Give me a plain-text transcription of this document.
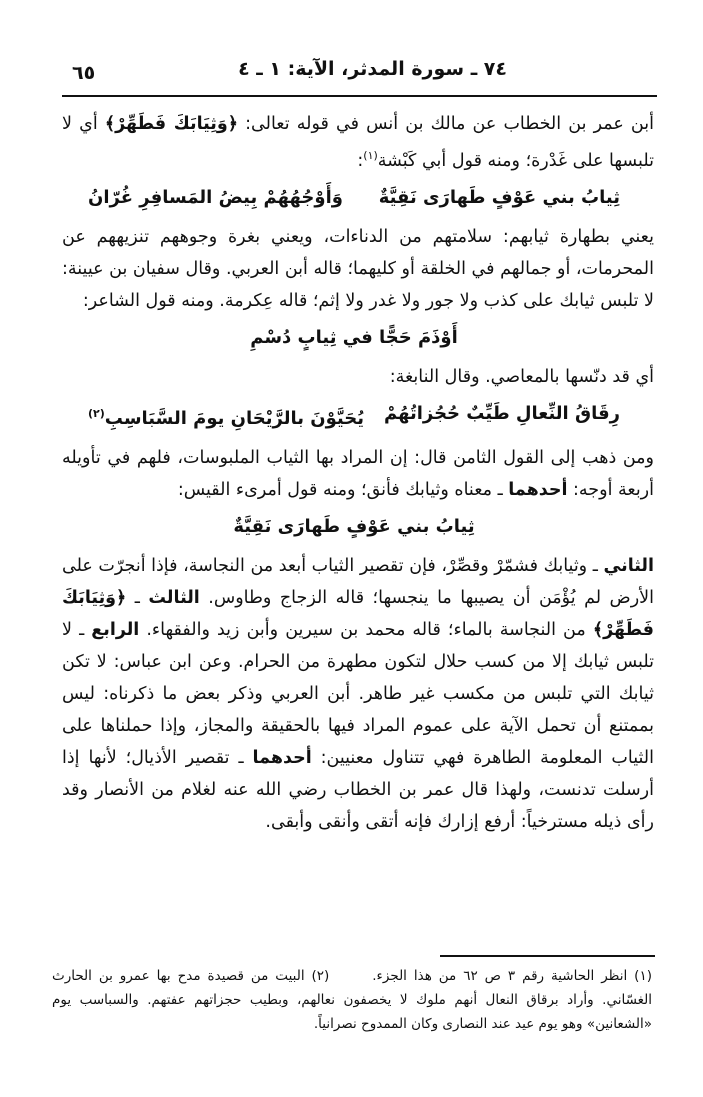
٦٥	٧٤ ـ سورة المدثر، الآية: ١ ـ ٤

أبن عمر بن الخطاب عن مالك بن أنس في قوله تعالى: ﴿وَثِيَابَكَ فَطَهِّرْ﴾ أي لا تلبسها على غَدْرة؛ ومنه قول أبي كَبْشة$^{(١)}$:

ثِيابُ بني عَوْفٍ طَهارَى نَقِيَّةٌ
وَأَوْجُهُهُمْ بِيضُ المَسافِرِ غُرّانُ

يعني بطهارة ثيابهم: سلامتهم من الدناءات، ويعني بغرة وجوههم تنزيههم عن المحرمات، أو جمالهم في الخلقة أو كليهما؛ قاله أبن العربي. وقال سفيان بن عيينة: لا تلبس ثيابك على كذب ولا جور ولا غدر ولا إثم؛ قاله عِكرمة. ومنه قول الشاعر:

أَوْذَمَ حَجًّا في ثِيابٍ دُسْمِ

أي قد دنّسها بالمعاصي. وقال النابغة:

رِقَاقُ النِّعالِ طَيِّبٌ حُجُزاتُهُمْ
يُحَيَّوْنَ بالرَّيْحَانِ يومَ السَّبَاسِبِ$^{(٢)}$

ومن ذهب إلى القول الثامن قال: إن المراد بها الثياب الملبوسات، فلهم في تأويله أربعة أوجه: أحدهما ـ معناه وثيابك فأنق؛ ومنه قول أمرىء القيس:

ثِيابُ بني عَوْفٍ طَهارَى نَقِيَّةٌ

الثاني ـ وثيابك فشمّرْ وقصِّرْ، فإن تقصير الثياب أبعد من النجاسة، فإذا أنجرّت على الأرض لم يُؤْمَن أن يصيبها ما ينجسها؛ قاله الزجاج وطاوس. الثالث ـ ﴿وَثِيَابَكَ فَطَهِّرْ﴾ من النجاسة بالماء؛ قاله محمد بن سيرين وأبن زيد والفقهاء. الرابع ـ لا تلبس ثيابك إلا من كسب حلال لتكون مطهرة من الحرام. وعن ابن عباس: لا تكن ثيابك التي تلبس من مكسب غير طاهر. أبن العربي وذكر بعض ما ذكرناه: ليس بممتنع أن تحمل الآية على عموم المراد فيها بالحقيقة والمجاز، وإذا حملناها على الثياب المعلومة الطاهرة فهي تتناول معنيين: أحدهما ـ تقصير الأذيال؛ لأنها إذا أرسلت تدنست، ولهذا قال عمر بن الخطاب رضي الله عنه لغلام من الأنصار وقد رأى ذيله مسترخياً: أرفع إزارك فإنه أتقى وأنقى وأبقى.

(١) انظر الحاشية رقم ٣ ص ٦٢ من هذا الجزء. (٢) البيت من قصيدة مدح بها عمرو بن الحارث الغسّاني. وأراد برقاق النعال أنهم ملوك لا يخصفون نعالهم، وبطيب حجزاتهم عفتهم. والسباسب يوم «الشعانين» وهو يوم عيد عند النصارى وكان الممدوح نصرانياً.
